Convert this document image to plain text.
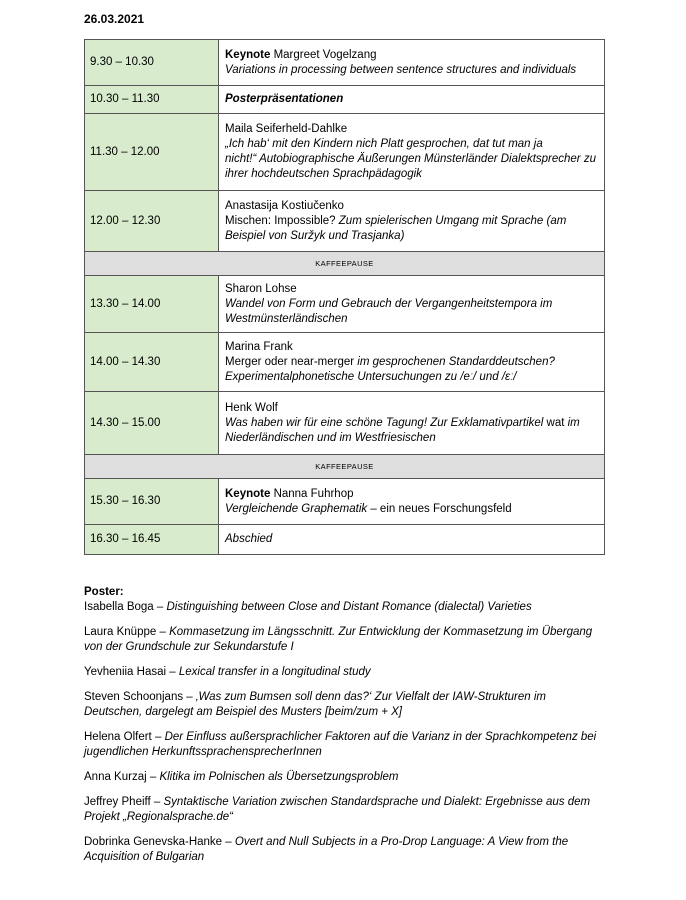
26.03.2021
9.30 – 10.30	Keynote Margreet Vogelzang
Variations in processing between sentence structures and individuals

10.30 – 11.30	Posterpräsentationen
11.30 – 12.00	Maila Seiferheld-Dahlke
„Ich hab‘ mit den Kindern nich Platt gesprochen, dat tut man ja
nicht!“ Autobiographische Äußerungen Münsterländer Dialektsprecher zu
ihrer hochdeutschen Sprachpädagogik

12.00 – 12.30	Anastasija Kostiučenko
Mischen: Impossible? Zum spielerischen Umgang mit Sprache (am
Beispiel von Suržyk und Trasjanka)

KAFFEEPAUSE	
13.30 – 14.00	Sharon Lohse
Wandel von Form und Gebrauch der Vergangenheitstempora im
Westmünsterländischen

14.00 – 14.30	Marina Frank
Merger oder near-merger im gesprochenen Standarddeutschen?
Experimentalphonetische Untersuchungen zu /eː/ und /ɛː/

14.30 – 15.00	Henk Wolf
Was haben wir für eine schöne Tagung! Zur Exklamativpartikel wat im
Niederländischen und im Westfriesischen

KAFFEEPAUSE	
15.30 – 16.30	Keynote Nanna Fuhrhop
Vergleichende Graphematik – ein neues Forschungsfeld

16.30 – 16.45	Abschied
Poster:
Isabella Boga – Distinguishing between Close and Distant Romance (dialectal) Varieties
Laura Knüppe – Kommasetzung im Längsschnitt. Zur Entwicklung der Kommasetzung im Übergang von der Grundschule zur Sekundarstufe I
Yevheniia Hasai – Lexical transfer in a longitudinal study
Steven Schoonjans – ‚Was zum Bumsen soll denn das?‘ Zur Vielfalt der IAW-Strukturen im Deutschen, dargelegt am Beispiel des Musters [beim/zum + X]
Helena Olfert – Der Einfluss außersprachlicher Faktoren auf die Varianz in der Sprachkompetenz bei jugendlichen HerkunftssprachensprecherInnen
Anna Kurzaj – Klitika im Polnischen als Übersetzungsproblem
Jeffrey Pheiff – Syntaktische Variation zwischen Standardsprache und Dialekt: Ergebnisse aus dem Projekt „Regionalsprache.de“
Dobrinka Genevska-Hanke – Overt and Null Subjects in a Pro-Drop Language: A View from the Acquisition of Bulgarian
